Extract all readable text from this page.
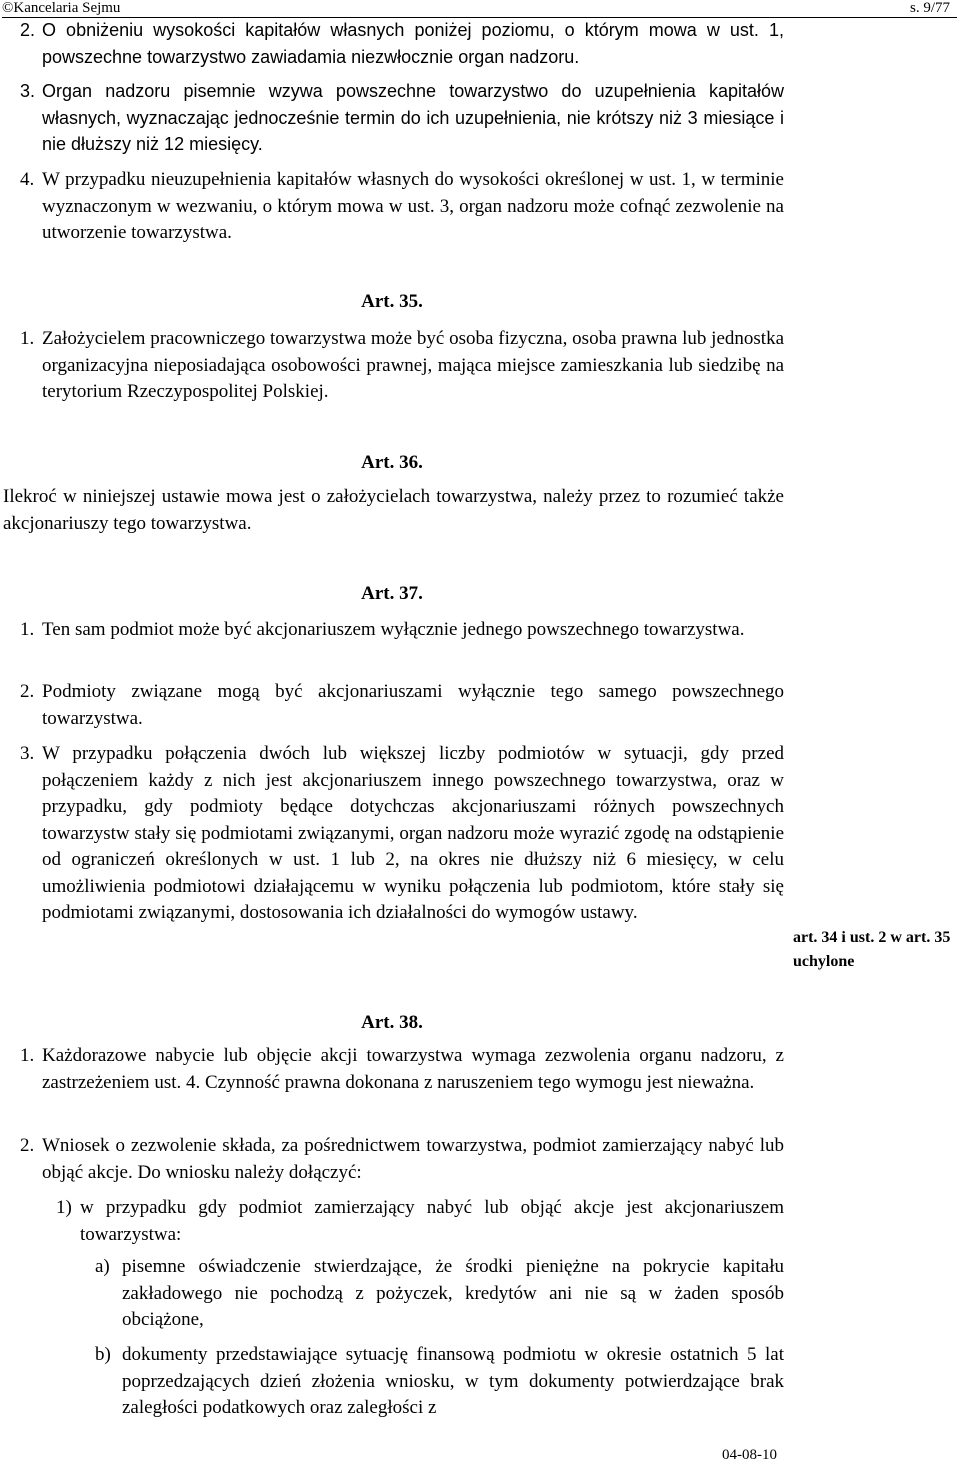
©Kancelaria Sejmu	s. 9/77
2. O obniżeniu wysokości kapitałów własnych poniżej poziomu, o którym mowa w ust. 1, powszechne towarzystwo zawiadamia niezwłocznie organ nadzoru.
3. Organ nadzoru pisemnie wzywa powszechne towarzystwo do uzupełnienia kapitałów własnych, wyznaczając jednocześnie termin do ich uzupełnienia, nie krótszy niż 3 miesiące i nie dłuższy niż 12 miesięcy.
4. W przypadku nieuzupełnienia kapitałów własnych do wysokości określonej w ust. 1, w terminie wyznaczonym w wezwaniu, o którym mowa w ust. 3, organ nadzoru może cofnąć zezwolenie na utworzenie towarzystwa.
Art. 35.
1. Założycielem pracowniczego towarzystwa może być osoba fizyczna, osoba prawna lub jednostka organizacyjna nieposiadająca osobowości prawnej, mająca miejsce zamieszkania lub siedzibę na terytorium Rzeczypospolitej Polskiej.
Art. 36.
Ilekroć w niniejszej ustawie mowa jest o założycielach towarzystwa, należy przez to rozumieć także akcjonariuszy tego towarzystwa.
Art. 37.
1. Ten sam podmiot może być akcjonariuszem wyłącznie jednego powszechnego towarzystwa.
2. Podmioty związane mogą być akcjonariuszami wyłącznie tego samego powszechnego towarzystwa.
3. W przypadku połączenia dwóch lub większej liczby podmiotów w sytuacji, gdy przed połączeniem każdy z nich jest akcjonariuszem innego powszechnego towarzystwa, oraz w przypadku, gdy podmioty będące dotychczas akcjonariuszami różnych powszechnych towarzystw stały się podmiotami związanymi, organ nadzoru może wyrazić zgodę na odstąpienie od ograniczeń określonych w ust. 1 lub 2, na okres nie dłuższy niż 6 miesięcy, w celu umożliwienia podmiotowi działającemu w wyniku połączenia lub podmiotom, które stały się podmiotami związanymi, dostosowania ich działalności do wymogów ustawy.
art. 34 i ust. 2 w art. 35 uchylone
Art. 38.
1. Każdorazowe nabycie lub objęcie akcji towarzystwa wymaga zezwolenia organu nadzoru, z zastrzeżeniem ust. 4. Czynność prawna dokonana z naruszeniem tego wymogu jest nieważna.
2. Wniosek o zezwolenie składa, za pośrednictwem towarzystwa, podmiot zamierzający nabyć lub objąć akcje. Do wniosku należy dołączyć:
1) w przypadku gdy podmiot zamierzający nabyć lub objąć akcje jest akcjonariuszem towarzystwa:
a) pisemne oświadczenie stwierdzające, że środki pieniężne na pokrycie kapitału zakładowego nie pochodzą z pożyczek, kredytów ani nie są w żaden sposób obciążone,
b) dokumenty przedstawiające sytuację finansową podmiotu w okresie ostatnich 5 lat poprzedzających dzień złożenia wniosku, w tym dokumenty potwierdzające brak zaległości podatkowych oraz zaległości z
04-08-10
